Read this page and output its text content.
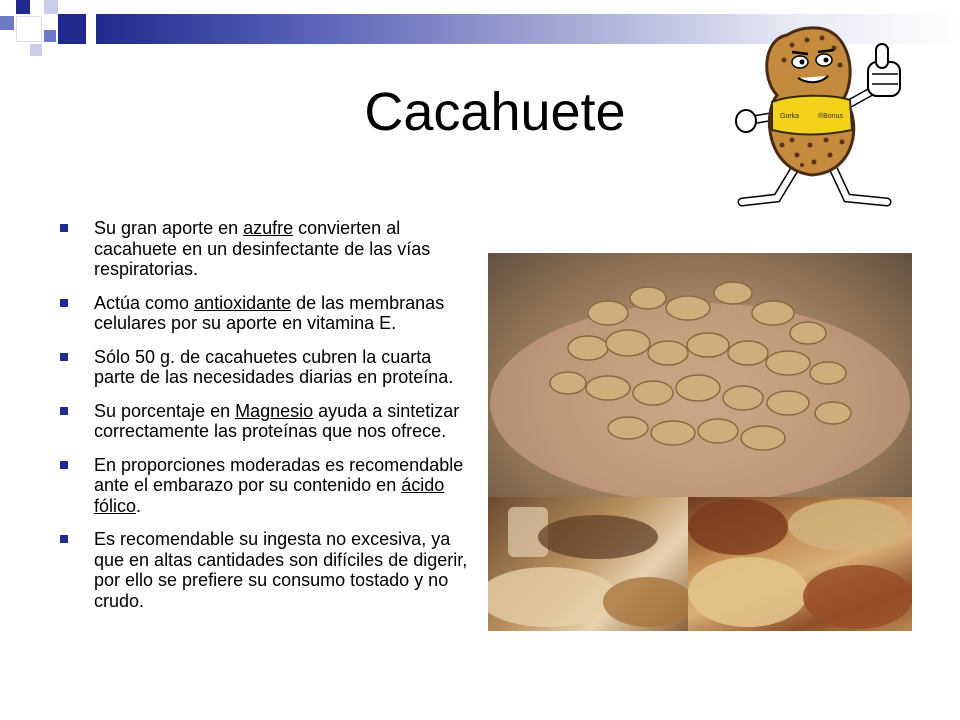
Cacahuete	Gorka	®Bonus
Su gran aporte en azufre convierten al cacahuete en un desinfectante de las vías respiratorias.
Actúa como antioxidante de las membranas celulares por su aporte en vitamina E.
Sólo 50 g. de cacahuetes cubren la cuarta parte de las necesidades diarias en proteína.
Su porcentaje en Magnesio ayuda a sintetizar correctamente las proteínas que nos ofrece.
En proporciones moderadas es recomendable ante el embarazo por su contenido en ácido fólico.
Es recomendable su ingesta no excesiva, ya que en altas cantidades son difíciles de digerir, por ello se prefiere su consumo tostado y no crudo.
